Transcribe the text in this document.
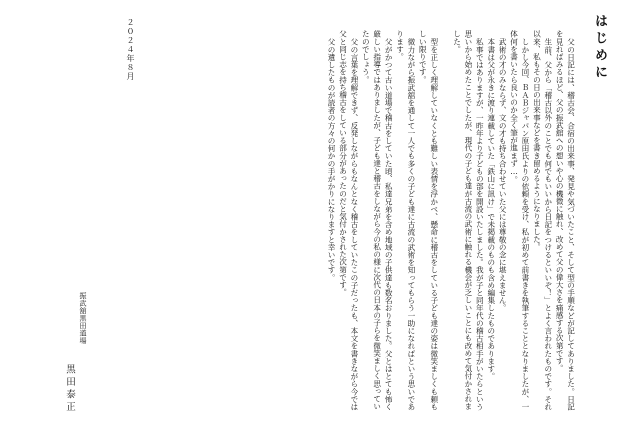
はじめに

父の日記には、稽古会、合宿の出来事、発見や気づいたこと、そして型の手順などが記してありました。日記を見ればみるほど、父の振武舘への想いや心の機微に触れ、改めて父の偉大さを痛感する次第です。

生前、父から「稽古以外のことでも何でもいいから日記をつけるといいぞ！」とよく言われたものです。それ以来、私もその日の出来事などを書き留めるようになりました。

しかし今回、ＢＡＢジャパン原田氏よりの依頼を受け、私が初めて前書きを執筆することとなりましたが、一体何を書いたら良いのか全く筆が進まず…。

武術の才のみならず、文の才も持ち合わせていた父には尊敬の念に堪えません。

本書は父が永きに渡り連載していた「鉄山に訊け」で未掲載のものも含め編集したものであります。

私事ではありますが、一昨年より子どもの部を開設いたしました。我が子と同年代の稽古相手がいたらという思いから始めたことでしたが、現代の子ども達が古流の武術に触れる機会が乏しいことにも改めて気付かされました。

型を正しく理解していなくとも難しい表情を浮かべ、懸命に稽古をしている子ども達の姿は微笑ましくも頼もしい限りです。

微力ながら振武舘を通して一人でも多くの子ども達に古流の武術を知ってもらう一助になればという思いであります。

父がかつて古い道場で稽古をしていた頃、私達兄弟を含め地域の子供達も数名おりました。父とはとても怖く厳しい指導ではありましたが、子ども達と稽古をしながら今の私の様に次代の日本の子らを微笑ましく思っていたのでしょう。

父の言葉を理解できず、反発しながらもなんとなく稽古をしていたこの子だったも、本文を書きながら今では父と同じ志を持ち稽古をしている部分があったのだと気付かされた次第です。

父の遺したものが読者の方々の何かの手がかりになりますと幸いです。

２０２４年８月
振武舘黒田道場
黒田泰正
